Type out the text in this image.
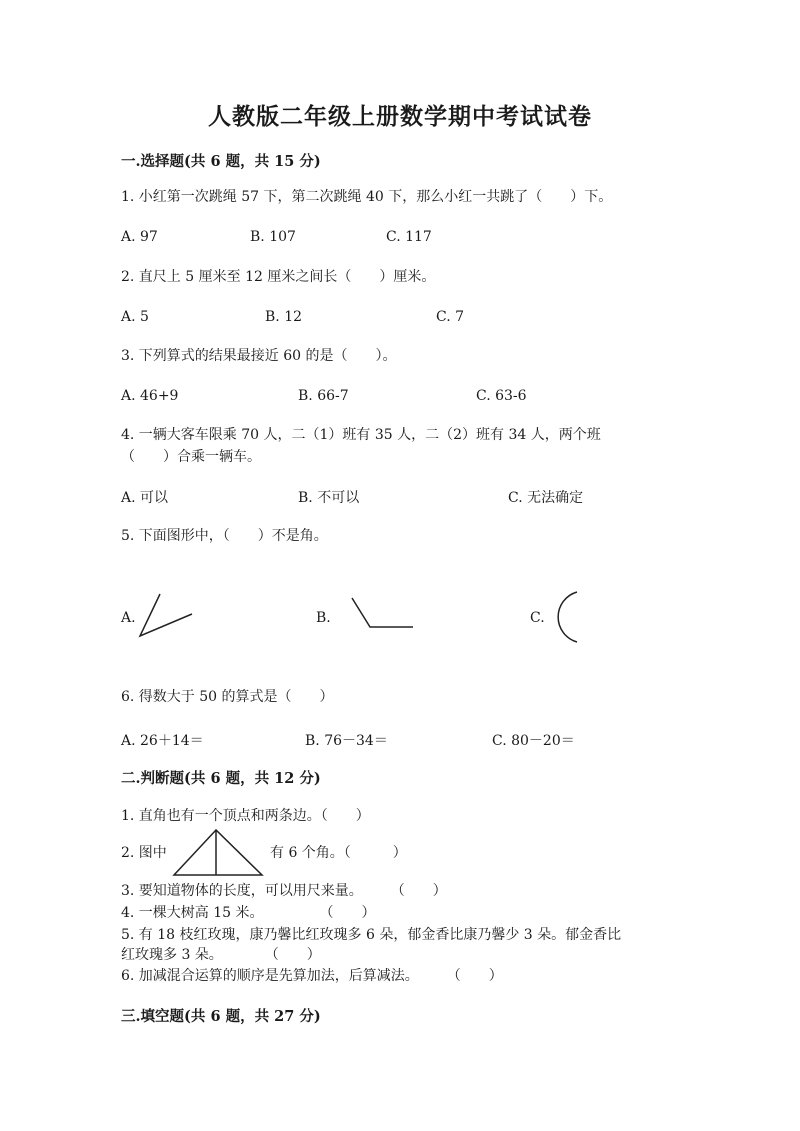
人教版二年级上册数学期中考试试卷
一.选择题(共 6 题，共 15 分)
1. 小红第一次跳绳 57 下，第二次跳绳 40 下，那么小红一共跳了（　　）下。
A. 97	B. 107	C. 117
2. 直尺上 5 厘米至 12 厘米之间长（　　）厘米。
A. 5	B. 12	C. 7
3. 下列算式的结果最接近 60 的是（　　）。
A. 46+9	B. 66-7	C. 63-6
4. 一辆大客车限乘 70 人，二（1）班有 35 人，二（2）班有 34 人，两个班
（　　）合乘一辆车。
A. 可以	B. 不可以	C. 无法确定
5. 下面图形中，（　　）不是角。
A.	B.	C.
6. 得数大于 50 的算式是（　　）
A. 26＋14＝	B. 76－34＝	C. 80－20＝
二.判断题(共 6 题，共 12 分)
1. 直角也有一个顶点和两条边。（　　）
2. 图中	有 6 个角。（　　　）
3. 要知道物体的长度，可以用尺来量。　　　（　　）
4. 一棵大树高 15 米。　　　　　（　　）
5. 有 18 枝红玫瑰，康乃馨比红玫瑰多 6 朵，郁金香比康乃馨少 3 朵。郁金香比
红玫瑰多 3 朵。　　　　（　　）
6. 加减混合运算的顺序是先算加法，后算减法。　　　（　　）
三.填空题(共 6 题，共 27 分)
